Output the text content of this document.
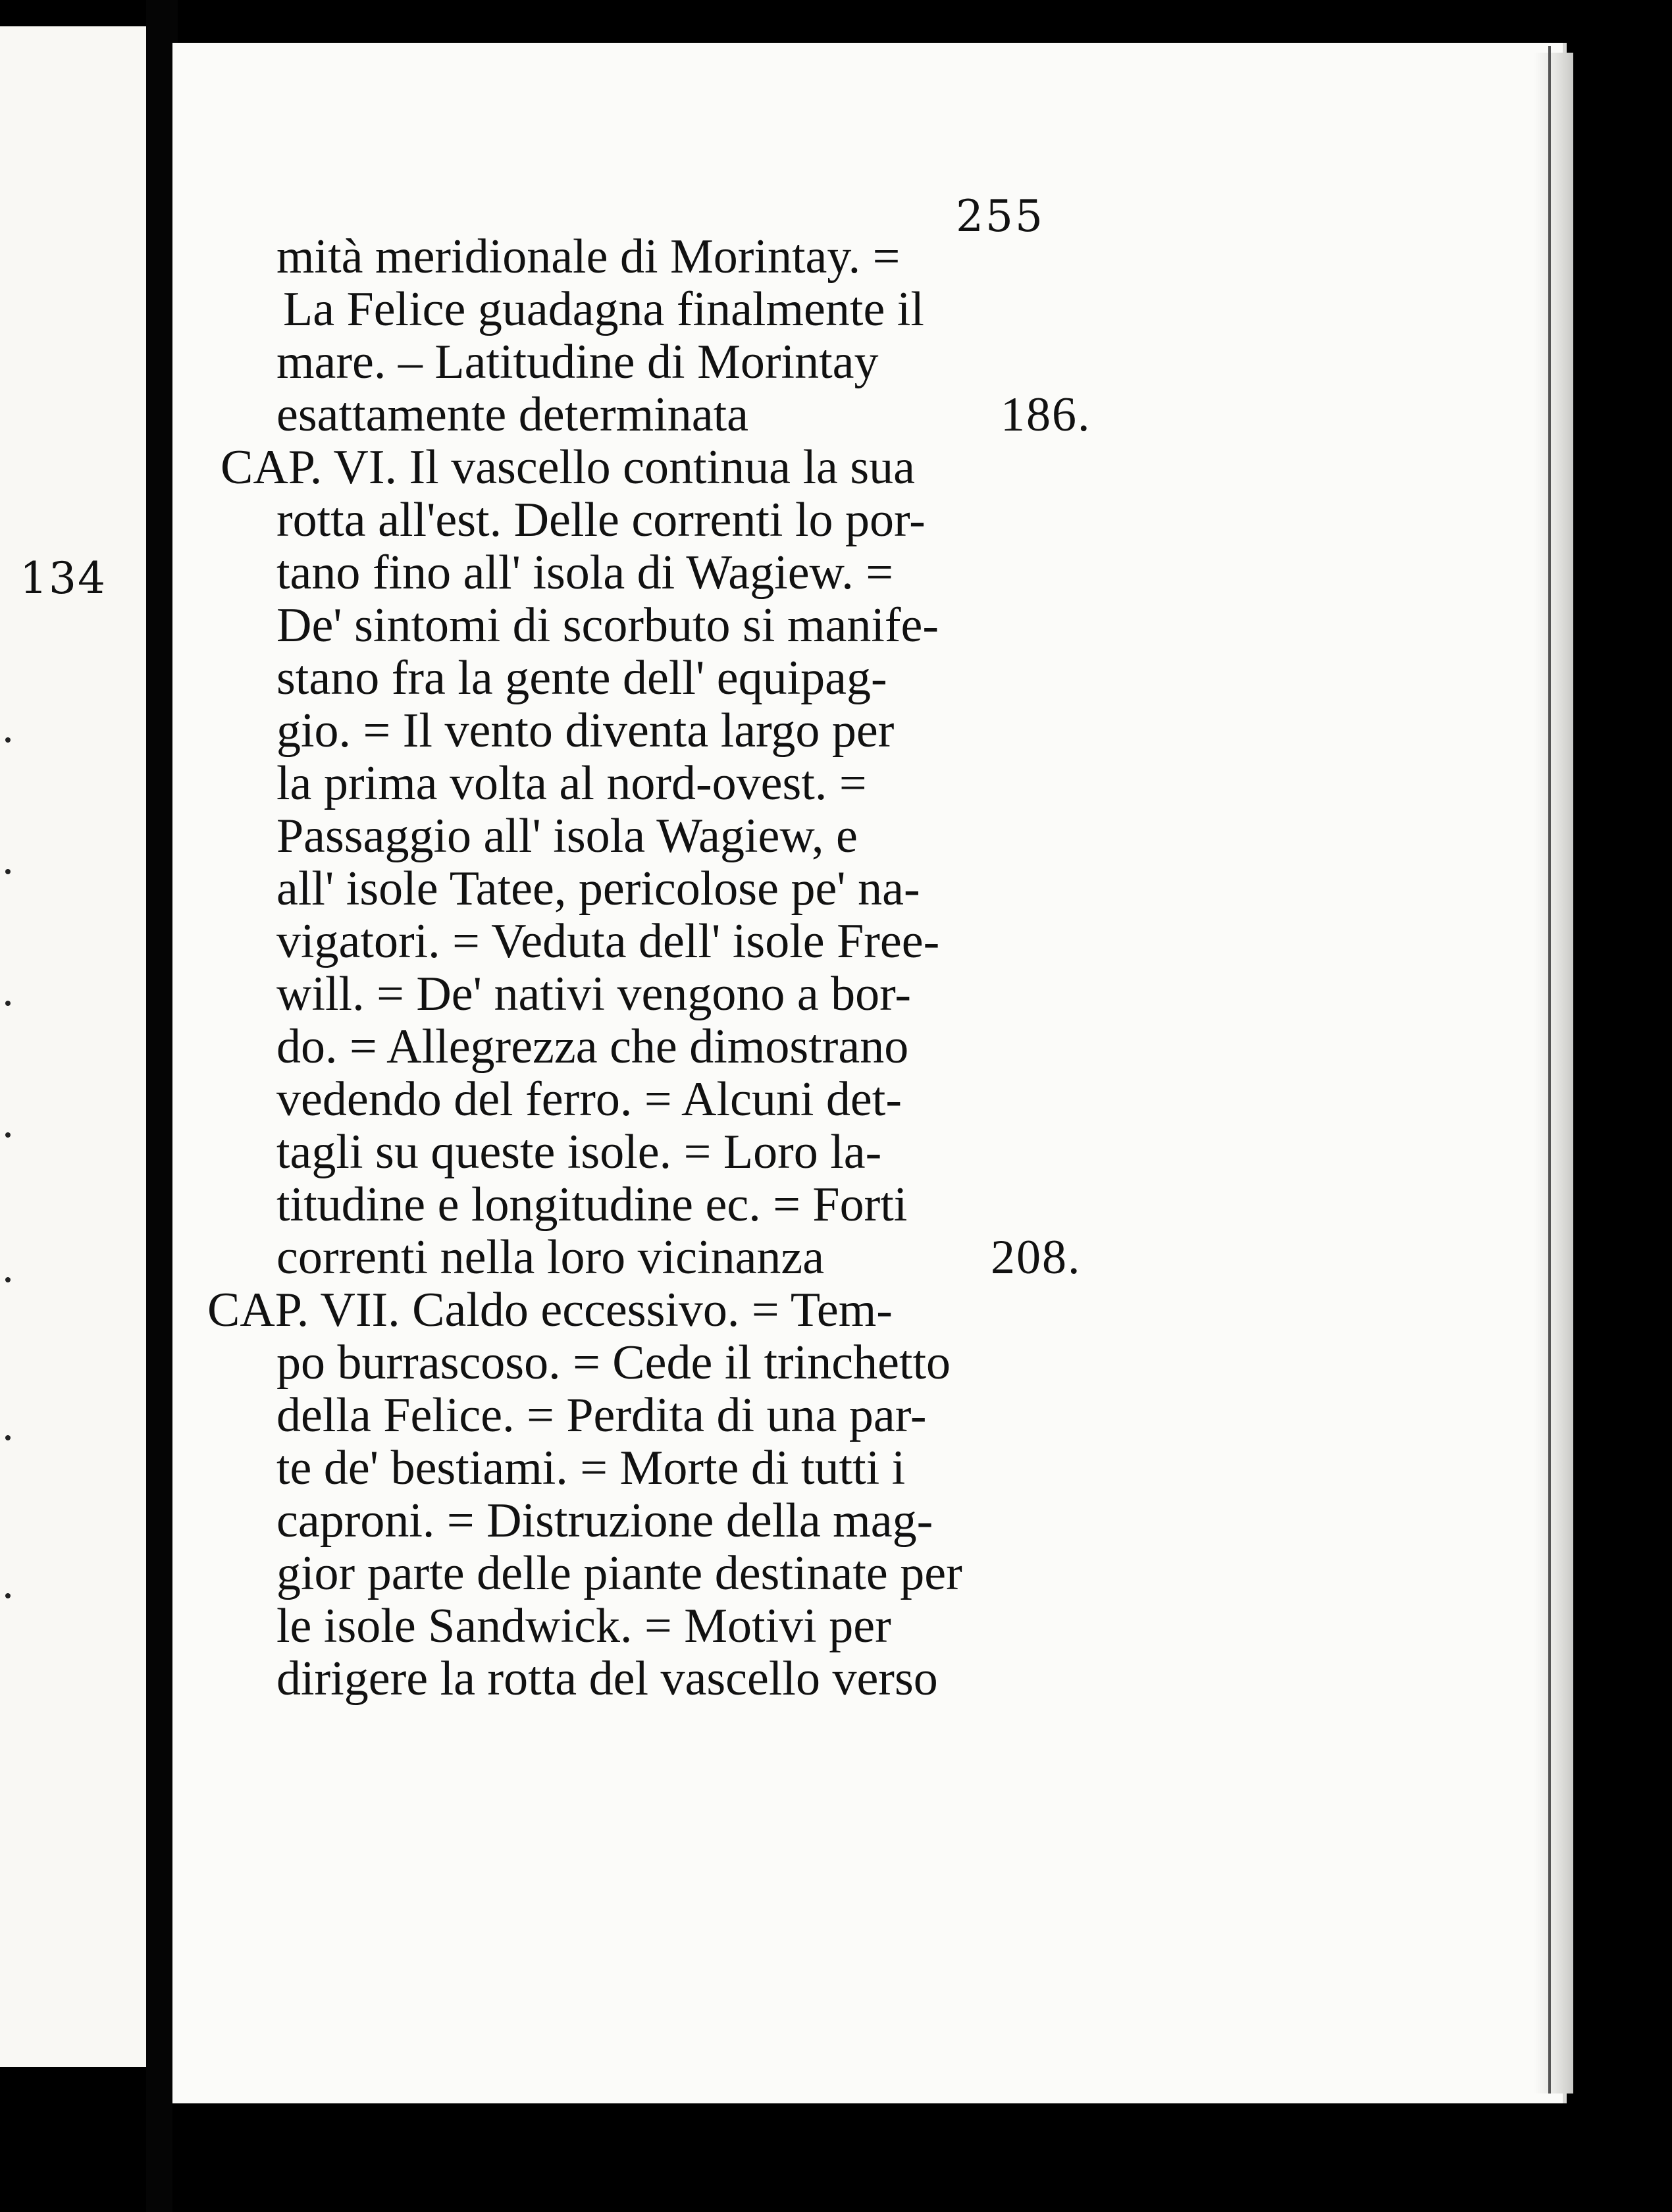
134
255
mità meridionale di Morintay. =
La Felice guadagna finalmente il
mare. – Latitudine di Morintay
esattamente determinata
CAP. VI. Il vascello continua la sua
rotta all'est. Delle correnti lo por-
tano fino all' isola di Wagiew. =
De' sintomi di scorbuto si manife-
stano fra la gente dell' equipag-
gio. = Il vento diventa largo per
la prima volta al nord-ovest. =
Passaggio all' isola Wagiew, e
all' isole Tatee, pericolose pe' na-
vigatori. = Veduta dell' isole Free-
will. = De' nativi vengono a bor-
do. = Allegrezza che dimostrano
vedendo del ferro. = Alcuni det-
tagli su queste isole. = Loro la-
titudine e longitudine ec. = Forti
correnti nella loro vicinanza
CAP. VII. Caldo eccessivo. = Tem-
po burrascoso. = Cede il trinchetto
della Felice. = Perdita di una par-
te de' bestiami. = Morte di tutti i
caproni. = Distruzione della mag-
gior parte delle piante destinate per
le isole Sandwick. = Motivi per
dirigere la rotta del vascello verso
186.
208.
